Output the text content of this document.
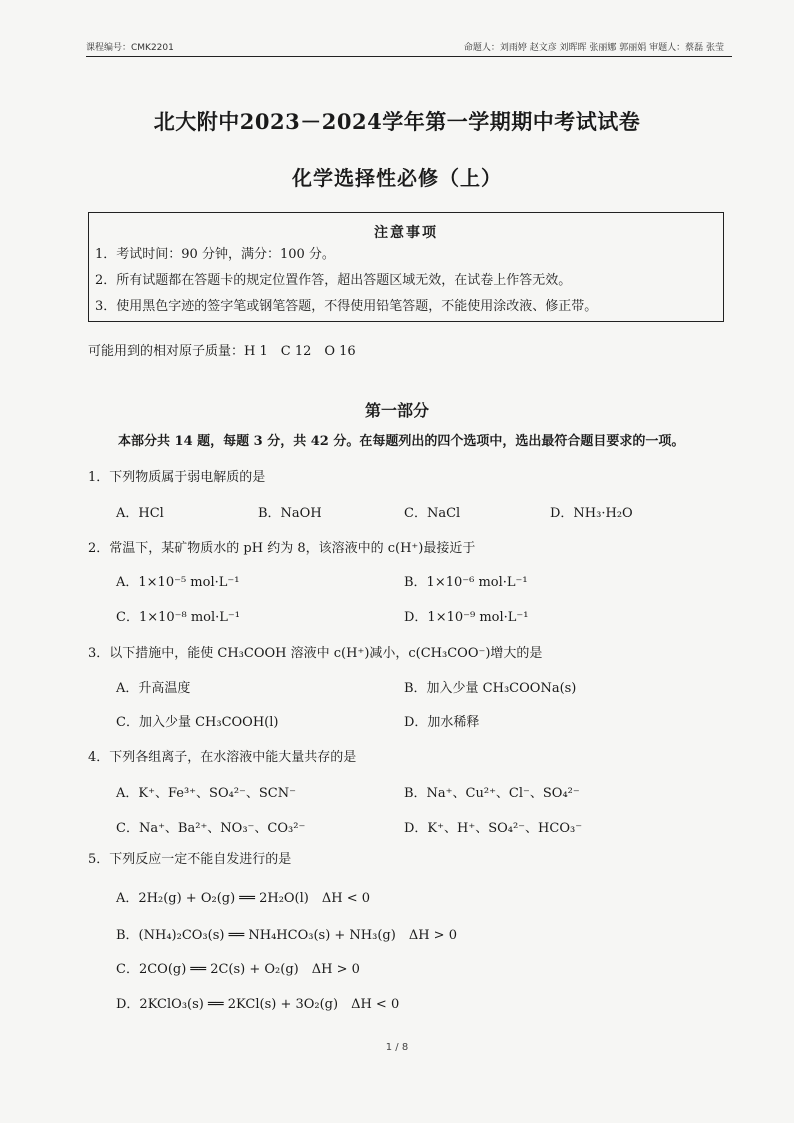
课程编号：CMK2201	命题人：刘雨婷 赵文彦 刘晖晖 张丽娜 郭丽娟 审题人：蔡磊 张莹
北大附中2023－2024学年第一学期期中考试试卷
化学选择性必修（上）
注意事项
1．考试时间：90 分钟，满分：100 分。
2．所有试题都在答题卡的规定位置作答，超出答题区域无效，在试卷上作答无效。
3．使用黑色字迹的签字笔或钢笔答题，不得使用铅笔答题，不能使用涂改液、修正带。
可能用到的相对原子质量：H 1　C 12　O 16
第一部分
本部分共 14 题，每题 3 分，共 42 分。在每题列出的四个选项中，选出最符合题目要求的一项。
1．下列物质属于弱电解质的是
A．HCl	B．NaOH	C．NaCl	D．NH₃·H₂O
2．常温下，某矿物质水的 pH 约为 8，该溶液中的 c(H⁺)最接近于
A．1×10⁻⁵ mol·L⁻¹	B．1×10⁻⁶ mol·L⁻¹
C．1×10⁻⁸ mol·L⁻¹	D．1×10⁻⁹ mol·L⁻¹
3．以下措施中，能使 CH₃COOH 溶液中 c(H⁺)减小，c(CH₃COO⁻)增大的是
A．升高温度	B．加入少量 CH₃COONa(s)
C．加入少量 CH₃COOH(l)	D．加水稀释
4．下列各组离子，在水溶液中能大量共存的是
A．K⁺、Fe³⁺、SO₄²⁻、SCN⁻	B．Na⁺、Cu²⁺、Cl⁻、SO₄²⁻
C．Na⁺、Ba²⁺、NO₃⁻、CO₃²⁻	D．K⁺、H⁺、SO₄²⁻、HCO₃⁻
5．下列反应一定不能自发进行的是
A．2H₂(g) + O₂(g) ══ 2H₂O(l)　ΔH < 0
B．(NH₄)₂CO₃(s) ══ NH₄HCO₃(s) + NH₃(g)　ΔH > 0
C．2CO(g) ══ 2C(s) + O₂(g)　ΔH > 0
D．2KClO₃(s) ══ 2KCl(s) + 3O₂(g)　ΔH < 0
1 / 8
